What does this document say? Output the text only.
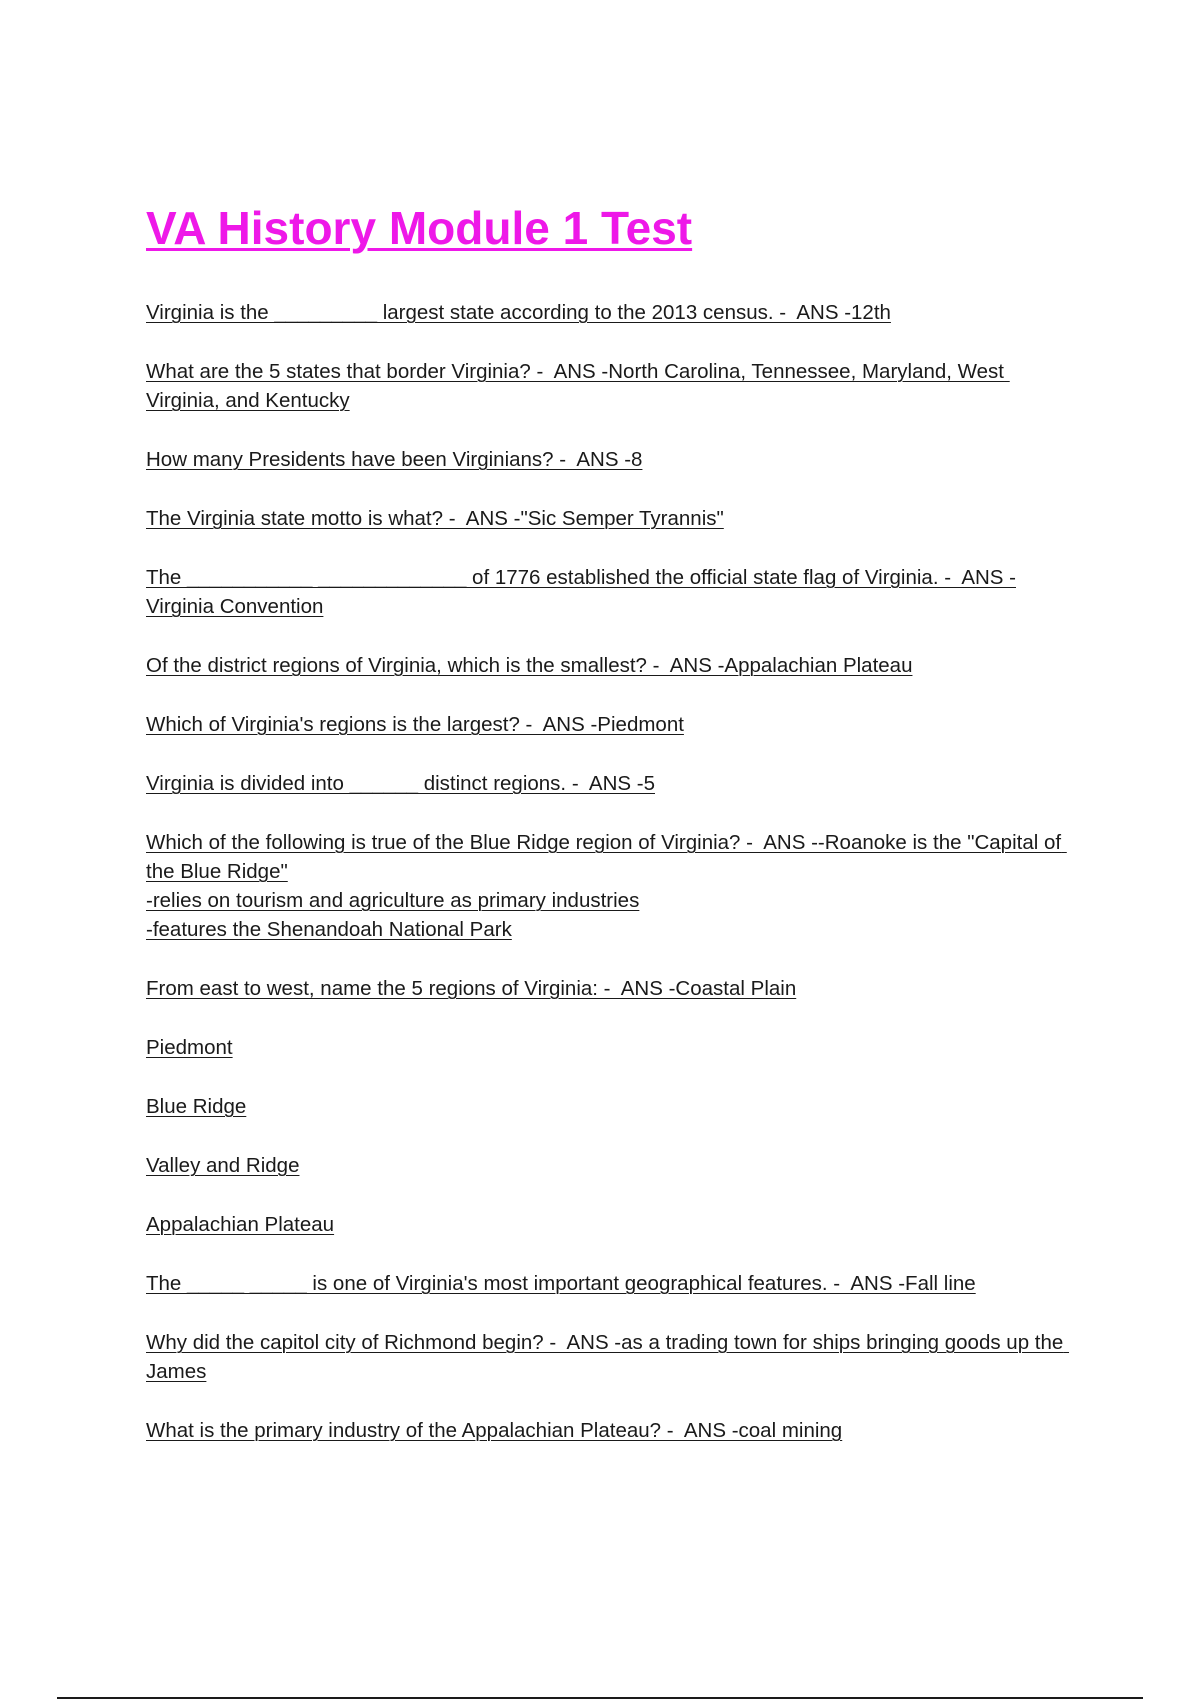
VA History Module 1 Test

Virginia is the _________ largest state according to the 2013 census. -  ANS -12th

What are the 5 states that border Virginia? -  ANS -North Carolina, Tennessee, Maryland, West Virginia, and Kentucky

How many Presidents have been Virginians? -  ANS -8

The Virginia state motto is what? -  ANS -"Sic Semper Tyrannis"

The ___________ _____________ of 1776 established the official state flag of Virginia. -  ANS -Virginia Convention

Of the district regions of Virginia, which is the smallest? -  ANS -Appalachian Plateau

Which of Virginia's regions is the largest? -  ANS -Piedmont

Virginia is divided into ______ distinct regions. -  ANS -5

Which of the following is true of the Blue Ridge region of Virginia? -  ANS --Roanoke is the "Capital of the Blue Ridge"
-relies on tourism and agriculture as primary industries
-features the Shenandoah National Park

From east to west, name the 5 regions of Virginia: -  ANS -Coastal Plain

Piedmont

Blue Ridge

Valley and Ridge

Appalachian Plateau

The _____ _____ is one of Virginia's most important geographical features. -  ANS -Fall line

Why did the capitol city of Richmond begin? -  ANS -as a trading town for ships bringing goods up the James

What is the primary industry of the Appalachian Plateau? -  ANS -coal mining
